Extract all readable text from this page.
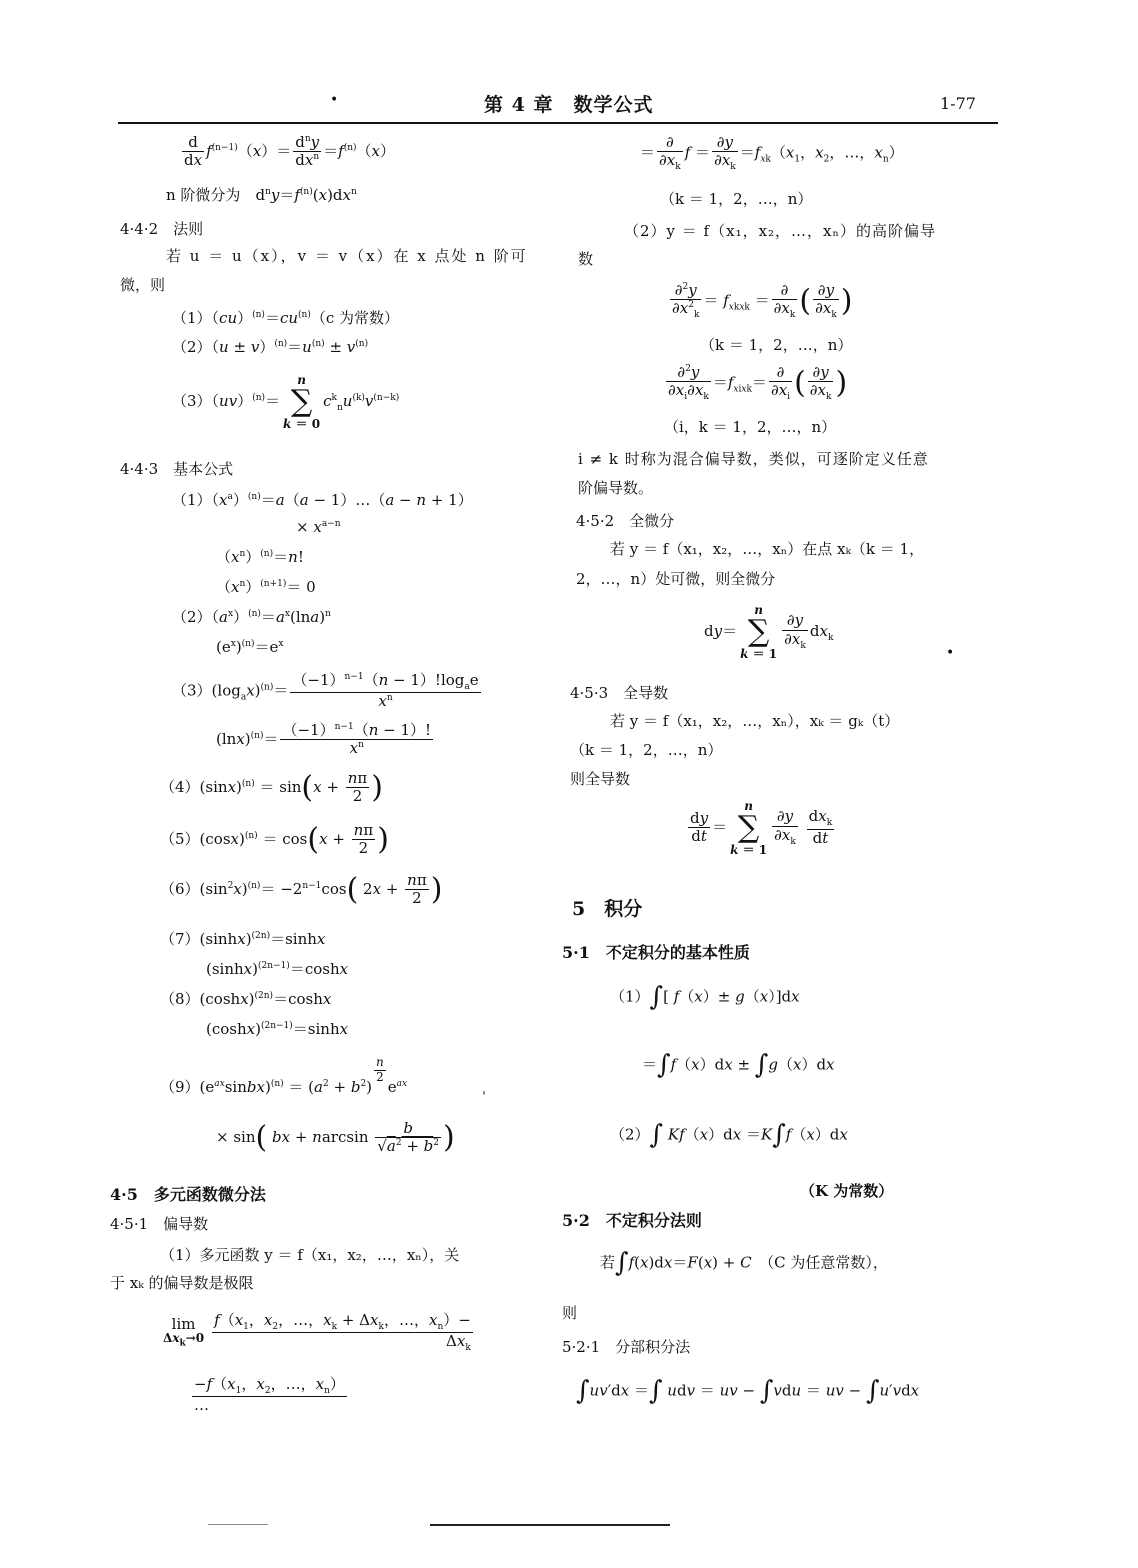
•	第 4 章　数学公式	1-77
$\frac{d}{dx} f^{(n-1)}(x)= \frac{d^ny}{dx^n} =f^{(n)}(x)$
n 阶微分为　$d^ny=f^{(n)}(x)dx^n$
4·4·2　法则
若 u ＝ u（x），v ＝ v（x）在 x 点处 n 阶可
微，则
$(1)(cu)^{(n)}=cu^{(n)}(c$ 为常数）
$(2)(u \pm v)^{(n)}=u^{(n)} \pm v^{(n)}$
（3）（uv）$^{(n)}$＝
n
∑
k ＝ 0
$c^k_nu^{(k)}v^{(n-k)}$
4·4·3　基本公式
$(1)(x^a)^{(n)}=a(a$ − 1）…（a − n + 1）
× $x^{a-n}$
$(x^n)^{(n)}=n$!
$(x^n)^{(n+1)}= 0$
$(2)(a^x)^{(n)}=a^x(\ln a)^n$
$(e^x)^{(n)}=e^x$
$(3)(\log_ax)^{(n)}= \frac{(-1)^{n-1}(n - 1)!\log_ae}{x^n}$
$(\ln x)^{(n)}= \frac{(-1)^{n-1}(n - 1)!}{x^n}$
$(4)(\sin x)^{(n)} = \sin(x + \frac{n\pi}{2}$ )
$(5)(\cos x)^{(n)} = \cos(x + \frac{n\pi}{2}$ )
$(6)(\sin^2x)^{(n)}= -2^{n-1}\cos$( $2x + \frac{n\pi}{2}$ )
$(7)(\sinh x)^{(2n)}=\sinh x$
$(\sinh x)^{(2n-1)}=\cosh x$
$(8)(\cosh x)^{(2n)}=\cosh x$
$(\cosh x)^{(2n-1)}=\sinh x$
$(9)(e^{ax}sinbx)^{(n)} = (a^2 + b^2)$
$^{\frac{n}{2}}$
$e^{ax}$
× sin( bx + narcsin $\frac{b}{√a^2 + b^2}$ )
4·5　多元函数微分法
4·5·1　偏导数
（1）多元函数 y ＝ f（x₁，x₂，…，xₙ），关
于 xₖ 的偏导数是极限
lim
$\Delta x_k\to 0 \frac{f(x_1,x_2,\dots,x_k + \Delta x_k,\dots,x_n)-}{\Delta x_k}$
$\frac{-f(x_1,x_2,\dots,x_n)}{\dots}$
＝ $\frac{\partial}{\partial x_k}$ $f = \frac{\partial y}{\partial x_k} =f_{xk}(x_1$，$x_2$，…，$x_n$）
（k ＝ 1，2，…，n）
（2）y ＝ f（x₁，x₂，…，xₙ）的高阶偏导
数
$\frac{\partial^2y}{\partial x^2_k} = f_{xkxk} = \frac{\partial}{\partial x_k}$ ( $\frac{\partial y}{\partial x_k}$ )
（k ＝ 1，2，…，n）
$\frac{\partial^2y}{\partial x_i\partial x_k} =f_{xixk}= \frac{\partial}{\partial x_i}$ ( $\frac{\partial y}{\partial x_k}$ )
（i，k ＝ 1，2，…，n）
i ≠ k 时称为混合偏导数，类似，可逐阶定义任意
阶偏导数。
4·5·2　全微分
若 y ＝ f（x₁，x₂，…，xₙ）在点 xₖ（k ＝ 1，
2，…，n）处可微，则全微分
dy＝
n
∑
k ＝ 1
$\frac{\partial y}{\partial x_k} dx_k$
4·5·3　全导数
若 y ＝ f（x₁，x₂，…，xₙ），xₖ ＝ gₖ（t）
（k ＝ 1，2，…，n）
则全导数
$\frac{dy}{dt}$ ＝
n
∑
k ＝ 1
$\frac{\partial y}{\partial x_k}$
$\frac{dx_k}{dt}$
5　积分
5·1　不定积分的基本性质
（1）∫[ f（x）± g（x）]dx
＝∫f（x）dx ± ∫g（x）dx
（2）∫ Kf（x）dx ＝K∫f（x）dx
（K 为常数）
5·2　不定积分法则
若∫f(x)dx＝F(x) + C　 （C 为任意常数），
则
5·2·1　分部积分法
∫uv′dx ＝∫ udv ＝ uv − ∫vdu ＝ uv − ∫u′vdx
•
ˈ
